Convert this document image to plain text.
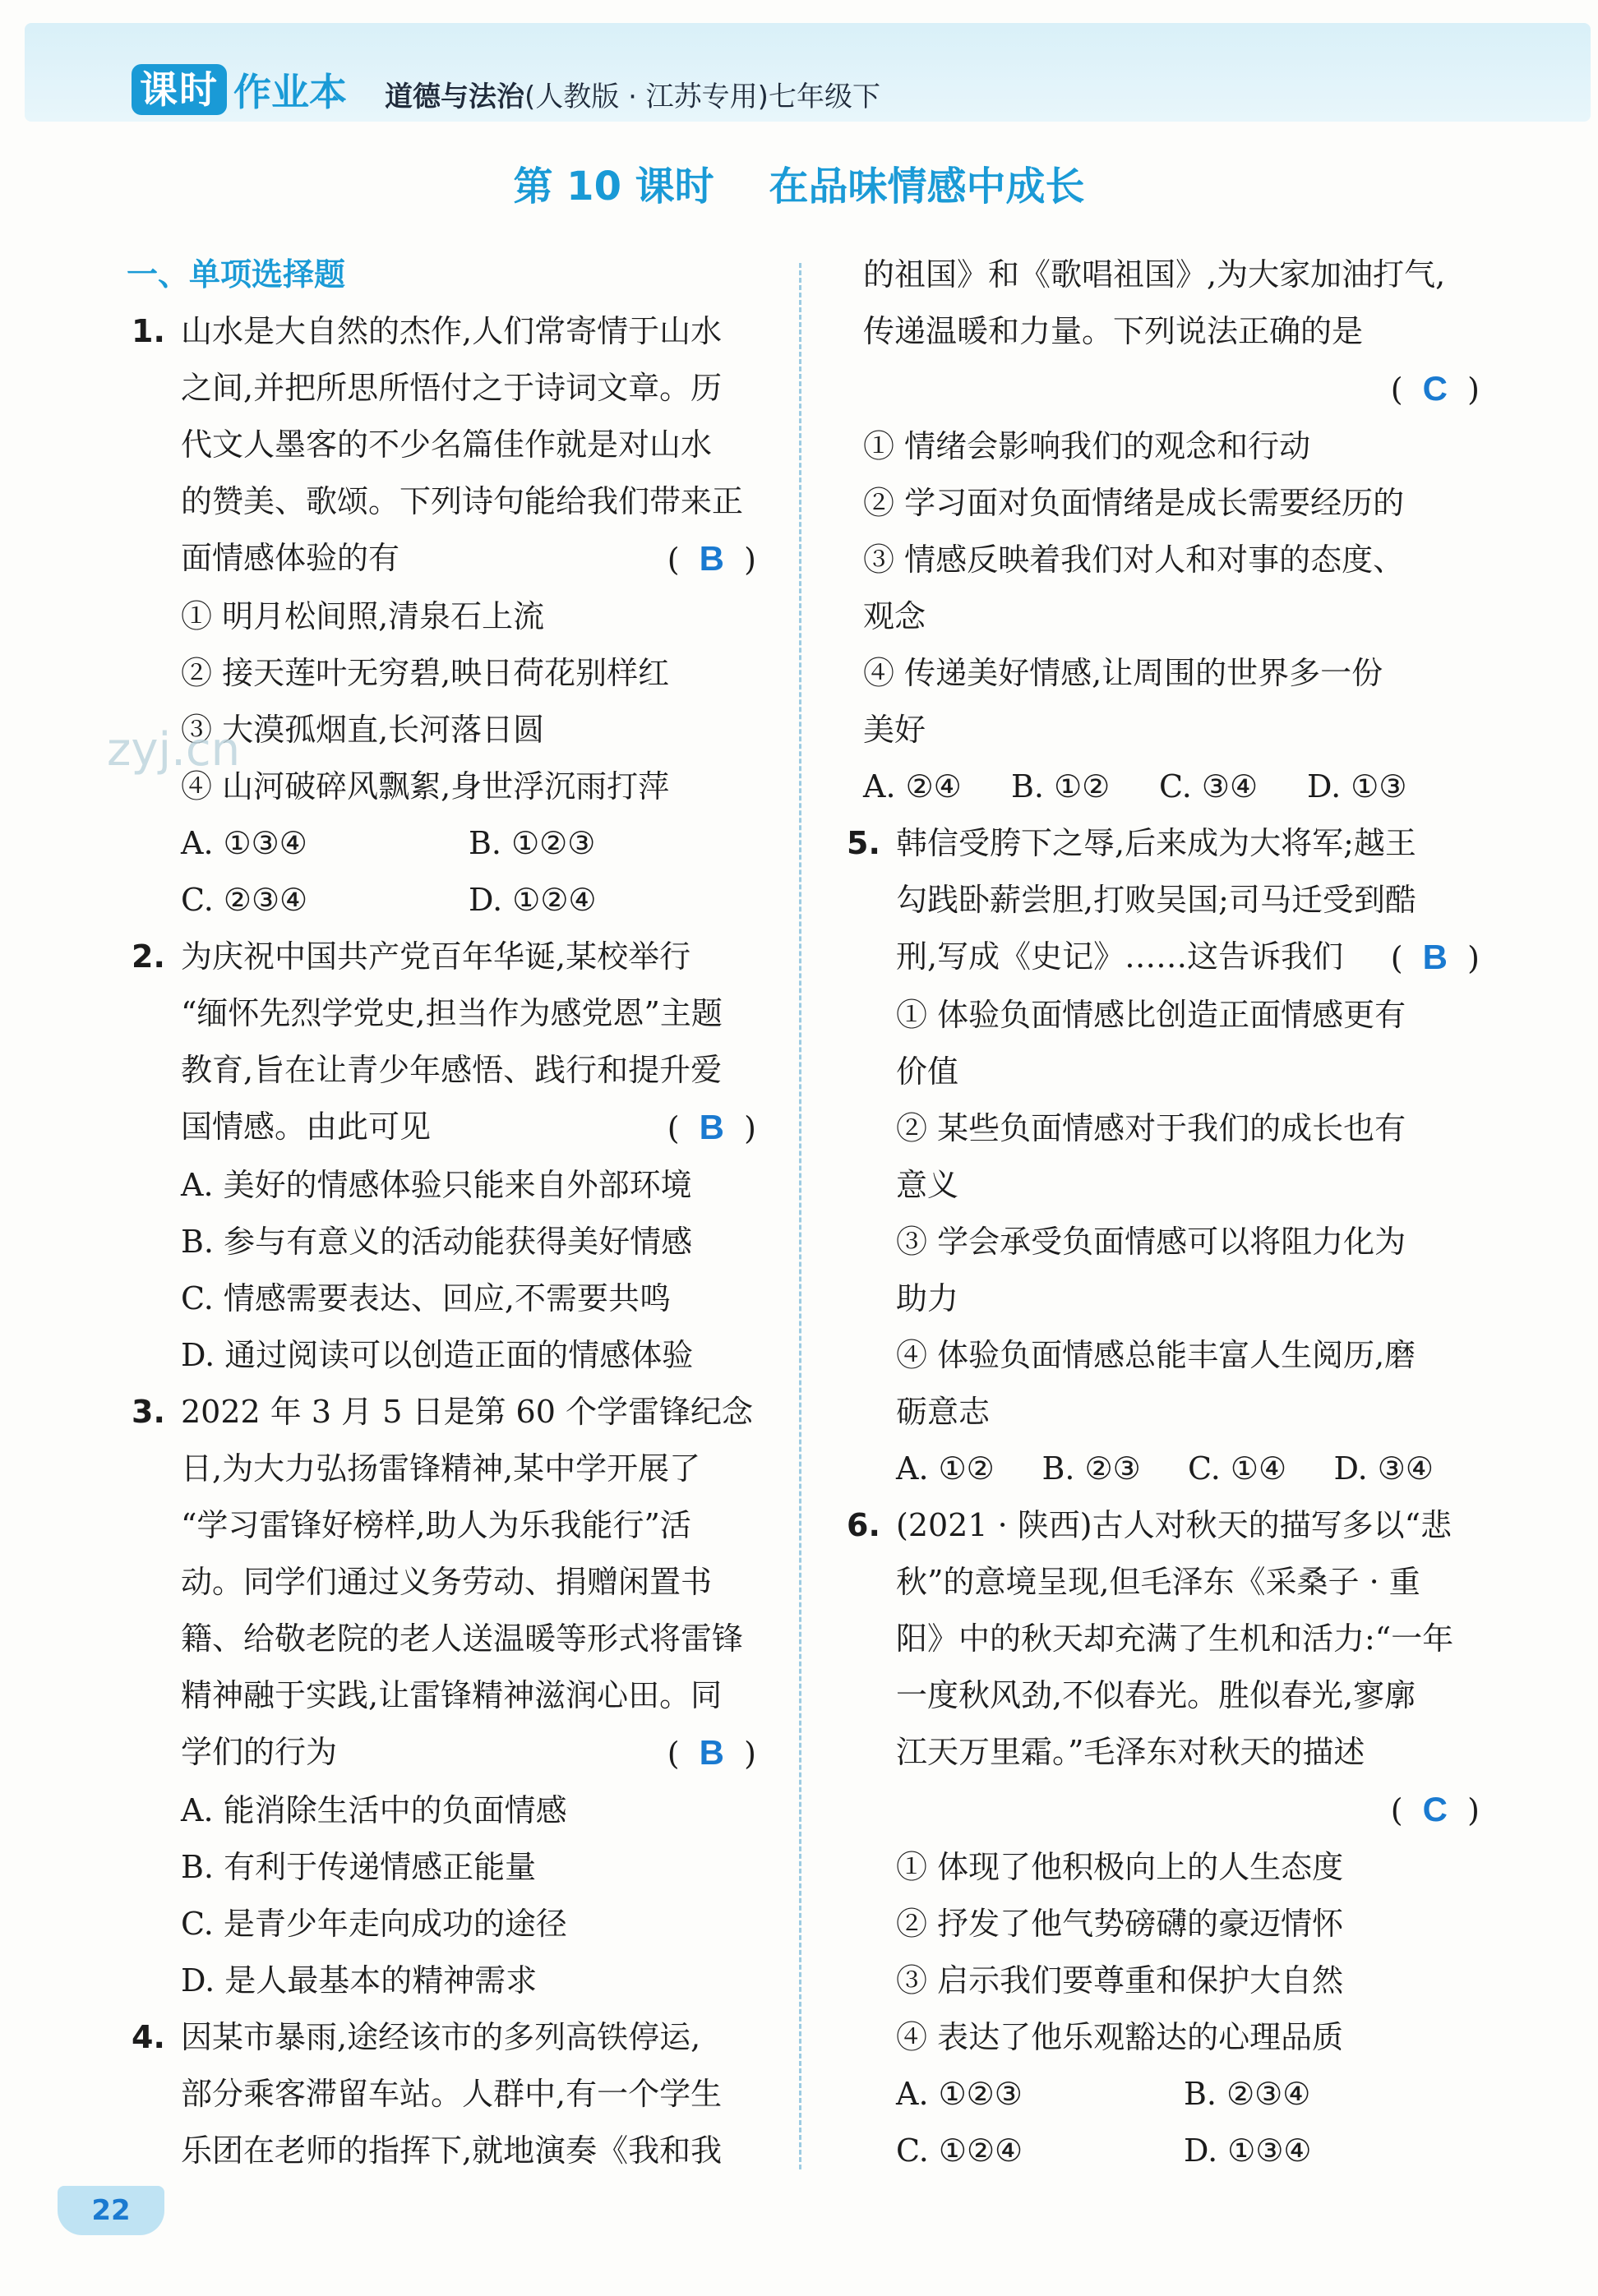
课时 作业本 道德与法治(人教版 · 江苏专用)七年级下
第 10 课时    在品味情感中成长
一、单项选择题
1. 山水是大自然的杰作,人们常寄情于山水
之间,并把所思所悟付之于诗词文章。历
代文人墨客的不少名篇佳作就是对山水
的赞美、歌颂。下列诗句能给我们带来正
面情感体验的有	(  B  )
① 明月松间照,清泉石上流
② 接天莲叶无穷碧,映日荷花别样红
③ 大漠孤烟直,长河落日圆
④ 山河破碎风飘絮,身世浮沉雨打萍
A. ①③④	B. ①②③
C. ②③④	D. ①②④
2. 为庆祝中国共产党百年华诞,某校举行
“缅怀先烈学党史,担当作为感党恩”主题
教育,旨在让青少年感悟、践行和提升爱
国情感。由此可见	(  B  )
A. 美好的情感体验只能来自外部环境
B. 参与有意义的活动能获得美好情感
C. 情感需要表达、回应,不需要共鸣
D. 通过阅读可以创造正面的情感体验
3. 2022 年 3 月 5 日是第 60 个学雷锋纪念
日,为大力弘扬雷锋精神,某中学开展了
“学习雷锋好榜样,助人为乐我能行”活
动。同学们通过义务劳动、捐赠闲置书
籍、给敬老院的老人送温暖等形式将雷锋
精神融于实践,让雷锋精神滋润心田。同
学们的行为	(  B  )
A. 能消除生活中的负面情感
B. 有利于传递情感正能量
C. 是青少年走向成功的途径
D. 是人最基本的精神需求
4. 因某市暴雨,途经该市的多列高铁停运,
部分乘客滞留车站。人群中,有一个学生
乐团在老师的指挥下,就地演奏《我和我
的祖国》和《歌唱祖国》,为大家加油打气,
传递温暖和力量。下列说法正确的是
(  C  )
① 情绪会影响我们的观念和行动
② 学习面对负面情绪是成长需要经历的
③ 情感反映着我们对人和对事的态度、
观念
④ 传递美好情感,让周围的世界多一份
美好
A. ②④	B. ①②	C. ③④	D. ①③
5. 韩信受胯下之辱,后来成为大将军;越王
勾践卧薪尝胆,打败吴国;司马迁受到酷
刑,写成《史记》……这告诉我们 (  B  )
① 体验负面情感比创造正面情感更有
价值
② 某些负面情感对于我们的成长也有
意义
③ 学会承受负面情感可以将阻力化为
助力
④ 体验负面情感总能丰富人生阅历,磨
砺意志
A. ①②	B. ②③	C. ①④	D. ③④
6. (2021 · 陕西)古人对秋天的描写多以“悲
秋”的意境呈现,但毛泽东《采桑子 · 重
阳》中的秋天却充满了生机和活力:“一年
一度秋风劲,不似春光。胜似春光,寥廓
江天万里霜。”毛泽东对秋天的描述
(  C  )
① 体现了他积极向上的人生态度
② 抒发了他气势磅礴的豪迈情怀
③ 启示我们要尊重和保护大自然
④ 表达了他乐观豁达的心理品质
A. ①②③	B. ②③④
C. ①②④	D. ①③④
zyj.cn
22
